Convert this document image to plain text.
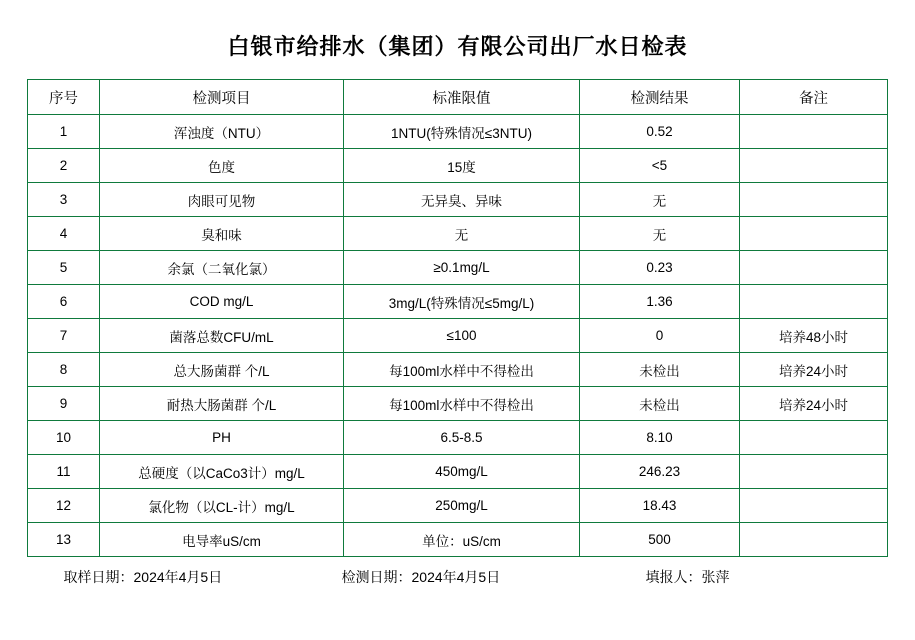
白银市给排水（集团）有限公司出厂水日检表
序号	检测项目	标准限值	检测结果	备注
1	浑浊度（NTU）	1NTU(特殊情况≤3NTU)	0.52	
2	色度	15度	<5	
3	肉眼可见物	无异臭、异味	无	
4	臭和味	无	无	
5	余氯（二氧化氯）	≥0.1mg/L	0.23	
6	COD mg/L	3mg/L(特殊情况≤5mg/L)	1.36	
7	菌落总数CFU/mL	≤100	0	培养48小时
8	总大肠菌群 个/L	每100ml水样中不得检出	未检出	培养24小时
9	耐热大肠菌群 个/L	每100ml水样中不得检出	未检出	培养24小时
10	PH	6.5-8.5	8.10	
11	总硬度（以CaCo3计）mg/L	450mg/L	246.23	
12	氯化物（以CL-计）mg/L	250mg/L	18.43	
13	电导率uS/cm	单位：uS/cm	500	
取样日期：2024年4月5日	检测日期：2024年4月5日	填报人：张萍
